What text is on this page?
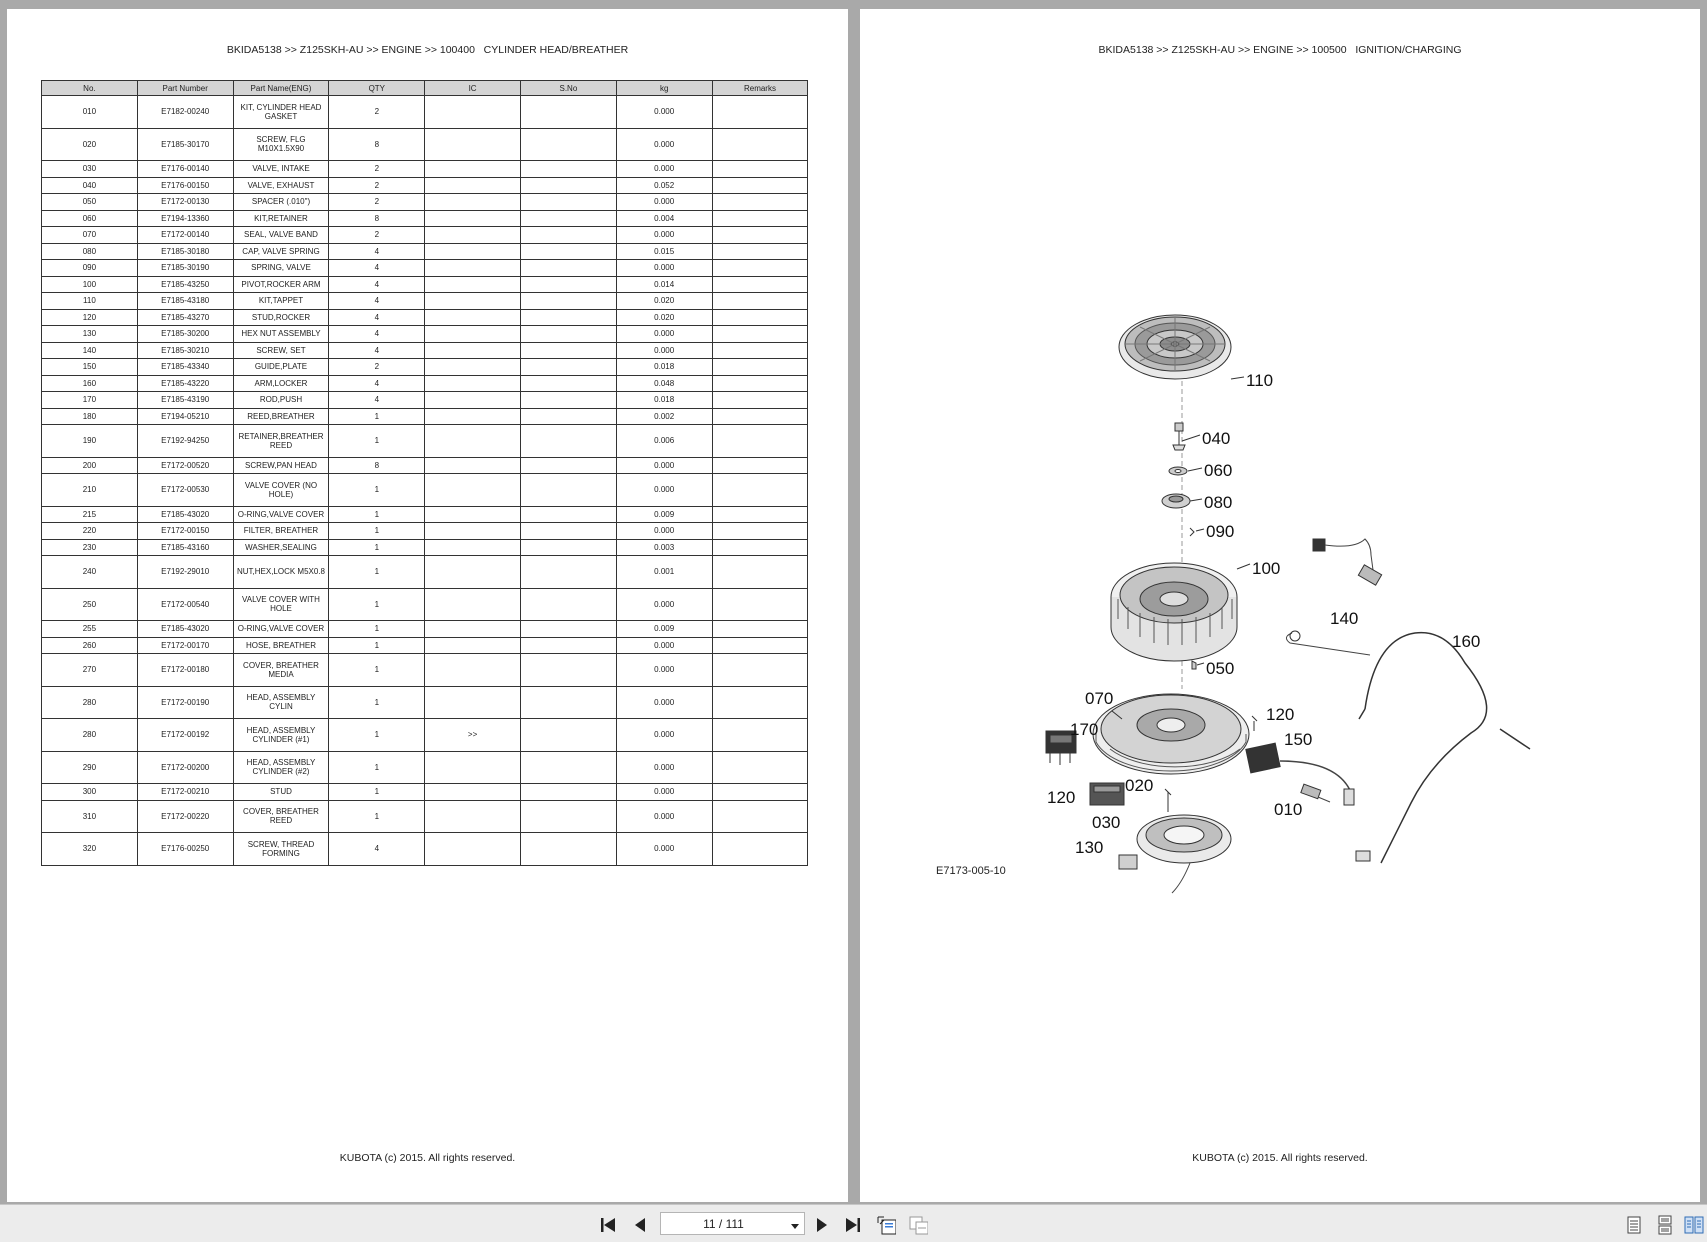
BKIDA5138 >> Z125SKH-AU >> ENGINE >> 100400   CYLINDER HEAD/BREATHER
No.	Part Number	Part Name(ENG)	QTY	IC	S.No	kg	Remarks
010	E7182-00240	KIT, CYLINDER HEAD GASKET	2			0.000	
020	E7185-30170	SCREW, FLG M10X1.5X90	8			0.000	
030	E7176-00140	VALVE, INTAKE	2			0.000	
040	E7176-00150	VALVE, EXHAUST	2			0.052	
050	E7172-00130	SPACER (.010")	2			0.000	
060	E7194-13360	KIT,RETAINER	8			0.004	
070	E7172-00140	SEAL, VALVE BAND	2			0.000	
080	E7185-30180	CAP, VALVE SPRING	4			0.015	
090	E7185-30190	SPRING, VALVE	4			0.000	
100	E7185-43250	PIVOT,ROCKER ARM	4			0.014	
110	E7185-43180	KIT,TAPPET	4			0.020	
120	E7185-43270	STUD,ROCKER	4			0.020	
130	E7185-30200	HEX NUT ASSEMBLY	4			0.000	
140	E7185-30210	SCREW, SET	4			0.000	
150	E7185-43340	GUIDE,PLATE	2			0.018	
160	E7185-43220	ARM,LOCKER	4			0.048	
170	E7185-43190	ROD,PUSH	4			0.018	
180	E7194-05210	REED,BREATHER	1			0.002	
190	E7192-94250	RETAINER,BREATHER REED	1			0.006	
200	E7172-00520	SCREW,PAN HEAD	8			0.000	
210	E7172-00530	VALVE COVER (NO HOLE)	1			0.000	
215	E7185-43020	O-RING,VALVE COVER	1			0.009	
220	E7172-00150	FILTER, BREATHER	1			0.000	
230	E7185-43160	WASHER,SEALING	1			0.003	
240	E7192-29010	NUT,HEX,LOCK M5X0.8	1			0.001	
250	E7172-00540	VALVE COVER WITH HOLE	1			0.000	
255	E7185-43020	O-RING,VALVE COVER	1			0.009	
260	E7172-00170	HOSE, BREATHER	1			0.000	
270	E7172-00180	COVER, BREATHER MEDIA	1			0.000	
280	E7172-00190	HEAD, ASSEMBLY CYLIN	1			0.000	
280	E7172-00192	HEAD, ASSEMBLY CYLINDER (#1)	1	>>		0.000	
290	E7172-00200	HEAD, ASSEMBLY CYLINDER (#2)	1			0.000	
300	E7172-00210	STUD	1			0.000	
310	E7172-00220	COVER, BREATHER REED	1			0.000	
320	E7176-00250	SCREW, THREAD FORMING	4			0.000	
KUBOTA (c) 2015. All rights reserved.
BKIDA5138 >> Z125SKH-AU >> ENGINE >> 100500   IGNITION/CHARGING
110
040
060
080
090
100
140
160
050
070
120
170
150
120
020
010
030
130
E7173-005-10
KUBOTA (c) 2015. All rights reserved.
11 / 111
